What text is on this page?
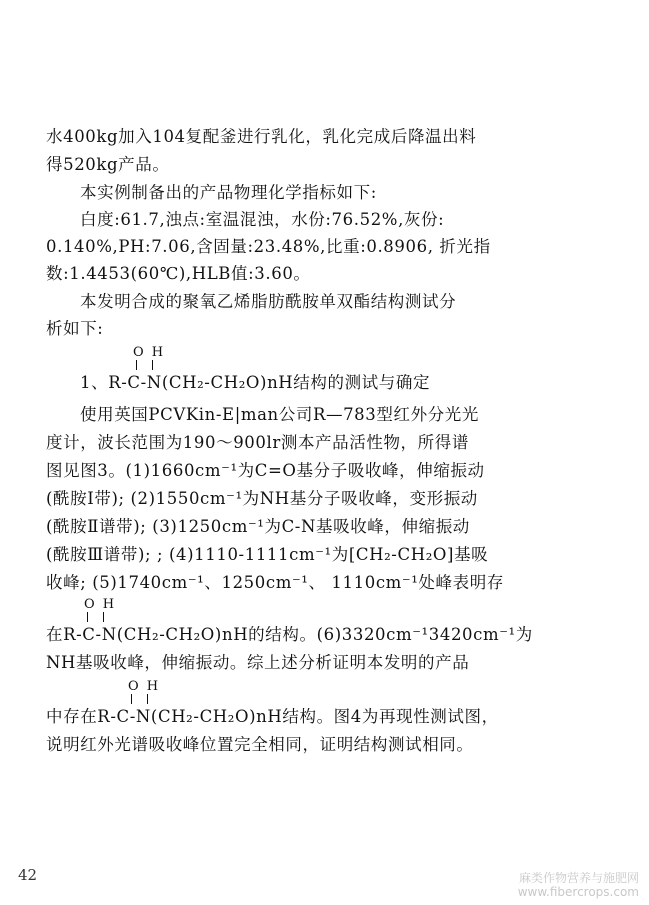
水400kg加入104复配釜进行乳化，乳化完成后降温出料
得520kg产品。
本实例制备出的产品物理化学指标如下:
白度:61.7,浊点:室温混浊，水份:76.52%,灰份:
0.140%,PH:7.06,含固量:23.48%,比重:0.8906, 折光指
数:1.4453(60℃),HLB值:3.60。
本发明合成的聚氧乙烯脂肪酰胺单双酯结构测试分
析如下:
O H
1、R-C-N(CH₂-CH₂O)nH结构的测试与确定
使用英国PCVKin-E|man公司R—783型红外分光光
度计，波长范围为190～900lr测本产品活性物，所得谱
图见图3。(1)1660cm⁻¹为C=O基分子吸收峰，伸缩振动
(酰胺I带); (2)1550cm⁻¹为NH基分子吸收峰，变形振动
(酰胺Ⅱ谱带); (3)1250cm⁻¹为C-N基吸收峰，伸缩振动
(酰胺Ⅲ谱带); ; (4)1110-1111cm⁻¹为[CH₂-CH₂O]基吸
收峰; (5)1740cm⁻¹、1250cm⁻¹、 1110cm⁻¹处峰表明存
O H
在R-C-N(CH₂-CH₂O)nH的结构。(6)3320cm⁻¹3420cm⁻¹为
NH基吸收峰，伸缩振动。综上述分析证明本发明的产品
O H
中存在R-C-N(CH₂-CH₂O)nH结构。图4为再现性测试图，
说明红外光谱吸收峰位置完全相同，证明结构测试相同。
42	麻类作物营养与施肥网
www.fibercrops.com
